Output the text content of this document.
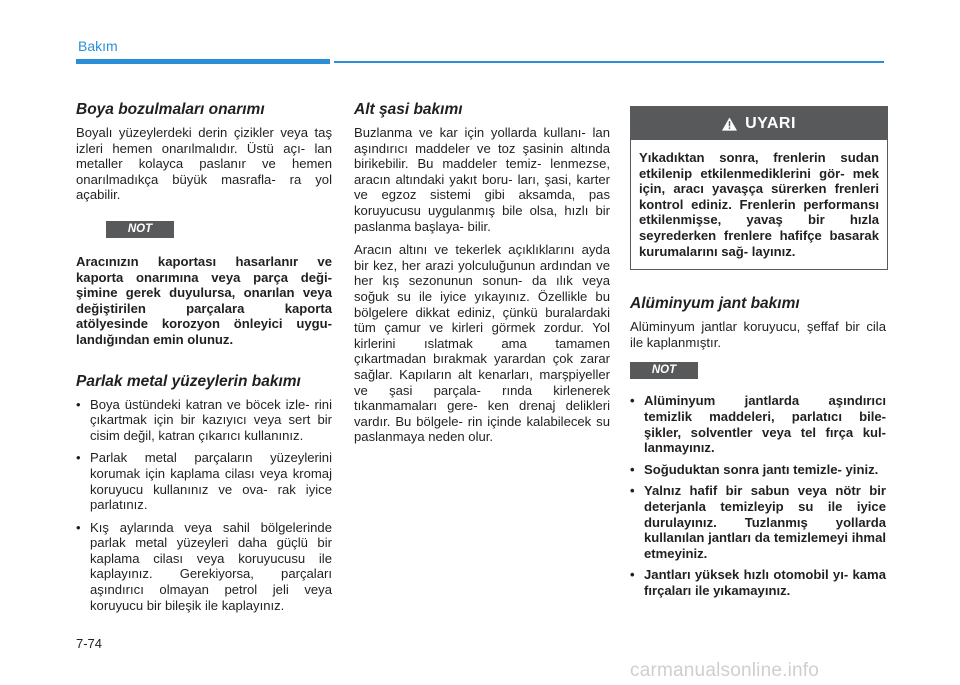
Bakım
Boya bozulmaları onarımı

Boyalı yüzeylerdeki derin çizikler veya taş izleri hemen onarılmalıdır. Üstü açı- lan metaller kolayca paslanır ve hemen onarılmadıkça büyük masrafla- ra yol açabilir.

NOT

Aracınızın kaportası hasarlanır ve kaporta onarımına veya parça deği- şimine gerek duyulursa, onarılan veya değiştirilen parçalara kaporta atölyesinde korozyon önleyici uygu- landığından emin olunuz.

Parlak metal yüzeylerin bakımı
• Boya üstündeki katran ve böcek izle- rini çıkartmak için bir kazıyıcı veya sert bir cisim değil, katran çıkarıcı kullanınız.
• Parlak metal parçaların yüzeylerini korumak için kaplama cilası veya kromaj koruyucu kullanınız ve ova- rak iyice parlatınız.
• Kış aylarında veya sahil bölgelerinde parlak metal yüzeyleri daha güçlü bir kaplama cilası veya koruyucusu ile kaplayınız. Gerekiyorsa, parçaları aşındırıcı olmayan petrol jeli veya koruyucu bir bileşik ile kaplayınız.
Alt şasi bakımı

Buzlanma ve kar için yollarda kullanı- lan aşındırıcı maddeler ve toz şasinin altında birikebilir. Bu maddeler temiz- lenmezse, aracın altındaki yakıt boru- ları, şasi, karter ve egzoz sistemi gibi aksamda, pas koruyucusu uygulanmış bile olsa, hızlı bir paslanma başlaya- bilir.

Aracın altını ve tekerlek açıklıklarını ayda bir kez, her arazi yolculuğunun ardından ve her kış sezonunun sonun- da ılık veya soğuk su ile iyice yıkayınız. Özellikle bu bölgelere dikkat ediniz, çünkü buralardaki tüm çamur ve kirleri görmek zordur. Yol kirlerini ıslatmak ama tamamen çıkartmadan bırakmak yarardan çok zarar sağlar. Kapıların alt kenarları, marşpiyeller ve şasi parçala- rında kirlenerek tıkanmamaları gere- ken drenaj delikleri vardır. Bu bölgele- rin içinde kalabilecek su paslanmaya neden olur.

UYARI
Yıkadıktan sonra, frenlerin sudan etkilenip etkilenmediklerini gör- mek için, aracı yavaşça sürerken frenleri kontrol ediniz. Frenlerin performansı etkilenmişse, yavaş bir hızla seyrederken frenlere hafifçe basarak kurumalarını sağ- layınız.
Alüminyum jant bakımı

Alüminyum jantlar koruyucu, şeffaf bir cila ile kaplanmıştır.

NOT
• Alüminyum jantlarda aşındırıcı temizlik maddeleri, parlatıcı bile- şikler, solventler veya tel fırça kul- lanmayınız.
• Soğuduktan sonra jantı temizle- yiniz.
• Yalnız hafif bir sabun veya nötr bir deterjanla temizleyip su ile iyice durulayınız. Tuzlanmış yollarda kullanılan jantları da temizlemeyi ihmal etmeyiniz.
• Jantları yüksek hızlı otomobil yı- kama fırçaları ile yıkamayınız.
7-74
carmanualsonline.info
